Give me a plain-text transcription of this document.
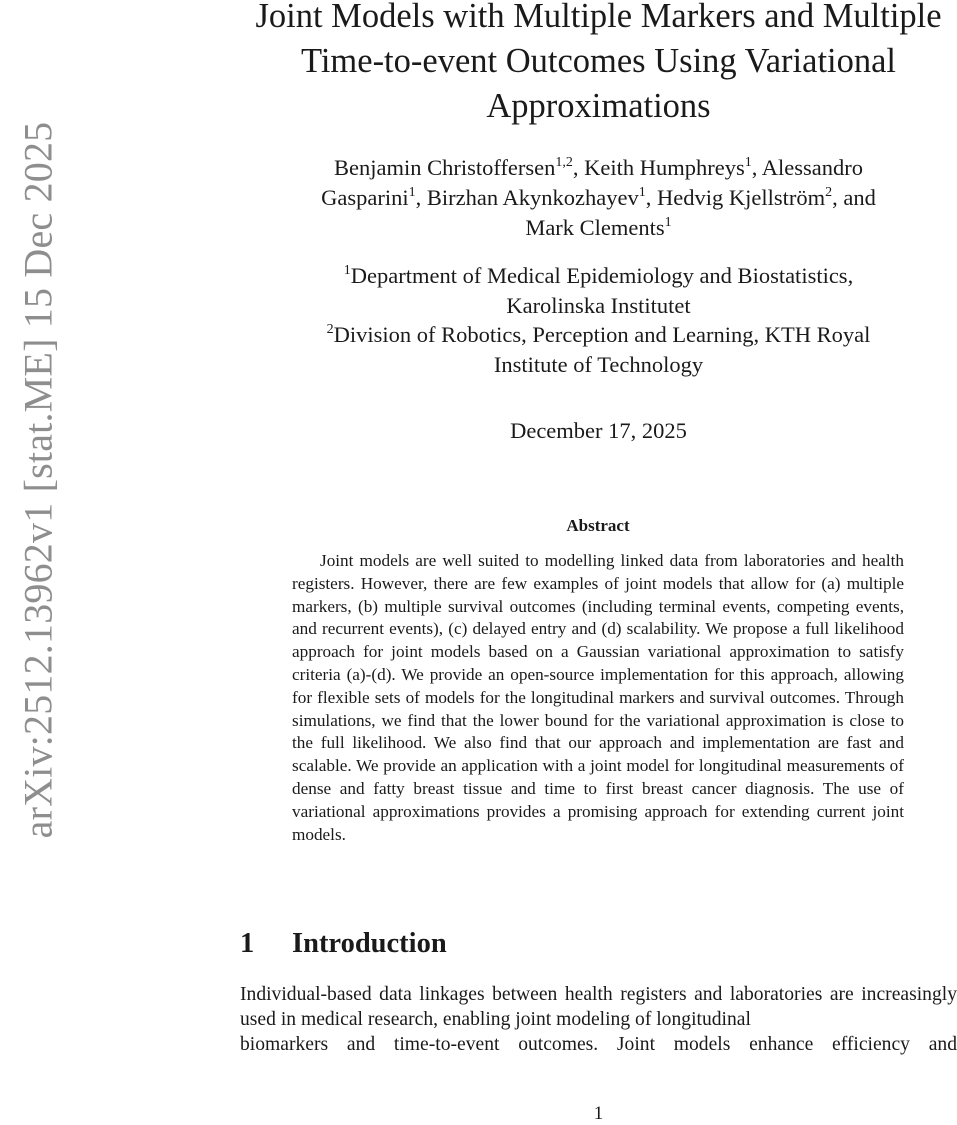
arXiv:2512.13962v1 [stat.ME] 15 Dec 2025
Joint Models with Multiple Markers and Multiple
Time-to-event Outcomes Using Variational
Approximations
Benjamin Christoffersen$^{1,2}$, Keith Humphreys$^1$, Alessandro
Gasparini$^1$, Birzhan Akynkozhayev$^1$, Hedvig Kjellström$^2$, and
Mark Clements$^1$
$^1$Department of Medical Epidemiology and Biostatistics,
Karolinska Institutet
$^2$Division of Robotics, Perception and Learning, KTH Royal
Institute of Technology
December 17, 2025
Abstract

Joint models are well suited to modelling linked data from laboratories and health registers. However, there are few examples of joint models that allow for (a) multiple markers, (b) multiple survival outcomes (including terminal events, competing events, and recurrent events), (c) delayed entry and (d) scalability. We propose a full likelihood approach for joint models based on a Gaussian variational approximation to satisfy criteria (a)-(d). We provide an open-source implementation for this approach, allowing for flexible sets of models for the longitudinal markers and survival outcomes. Through simulations, we find that the lower bound for the variational approximation is close to the full likelihood. We also find that our approach and implementation are fast and scalable. We provide an application with a joint model for longitudinal measurements of dense and fatty breast tissue and time to first breast cancer diagnosis. The use of variational approximations provides a promising approach for extending current joint models.

1 Introduction
Individual-based data linkages between health registers and laboratories are increasingly used in medical research, enabling joint modeling of longitudinal
biomarkers and time-to-event outcomes. Joint models enhance efficiency and
1
